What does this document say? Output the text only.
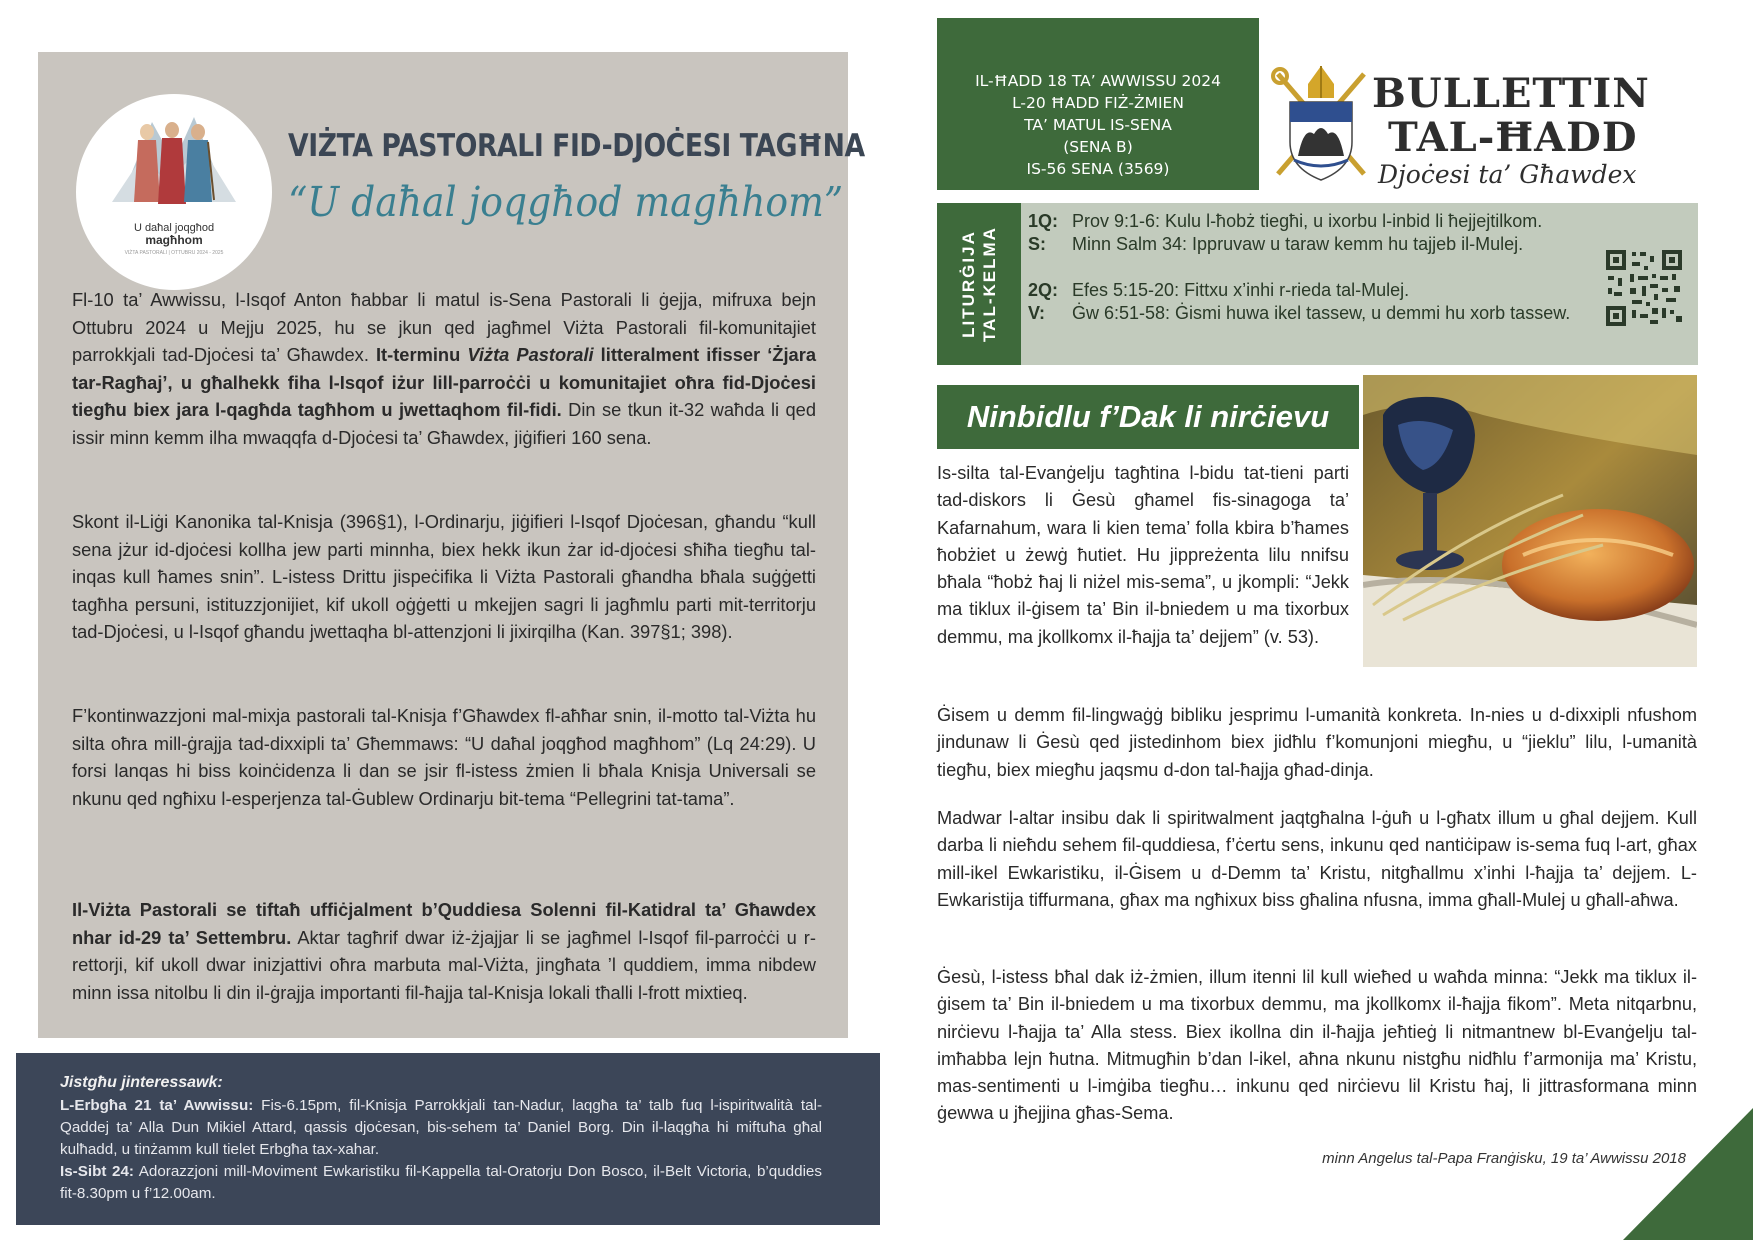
U daħal joqgħod
magħhom
VIŻTA PASTORALI | OTTUBRU 2024 - 2025
VIŻTA PASTORALI FID-DJOĊESI TAGĦNA
“U daħal joqgħod magħhom”
Fl-10 ta’ Awwissu, l-Isqof Anton ħabbar li matul is-Sena Pastorali li ġejja, mifruxa bejn Ottubru 2024 u Mejju 2025, hu se jkun qed jagħmel Viżta Pastorali fil-komunitajiet parrokkjali tad-Djoċesi ta’ Għawdex. It-terminu Viżta Pastorali litteralment ifisser ‘Żjara tar-Ragħaj’, u għalhekk fiha l-Isqof iżur lill-parroċċi u komunitajiet oħra fid-Djoċesi tiegħu biex jara l-qagħda tagħhom u jwettaqhom fil-fidi. Din se tkun it-32 waħda li qed issir minn kemm ilha mwaqqfa d-Djoċesi ta’ Għawdex, jiġifieri 160 sena.
Skont il-Liġi Kanonika tal-Knisja (396§1), l-Ordinarju, jiġifieri l-Isqof Djoċesan, għandu “kull sena jżur id-djoċesi kollha jew parti minnha, biex hekk ikun żar id-djoċesi sħiħa tiegħu tal-inqas kull ħames snin”. L-istess Drittu jispeċifika li Viżta Pastorali għandha bħala suġġetti tagħha persuni, istituzzjonijiet, kif ukoll oġġetti u mkejjen sagri li jagħmlu parti mit-territorju tad-Djoċesi, u l-Isqof għandu jwettaqha bl-attenzjoni li jixirqilha (Kan. 397§1; 398).
F’kontinwazzjoni mal-mixja pastorali tal-Knisja f’Għawdex fl-aħħar snin, il-motto tal-Viżta hu silta oħra mill-ġrajja tad-dixxipli ta’ Għemmaws: “U daħal joqgħod magħhom” (Lq 24:29). U forsi lanqas hi biss koinċidenza li dan se jsir fl-istess żmien li bħala Knisja Universali se nkunu qed ngħixu l-esperjenza tal-Ġublew Ordinarju bit-tema “Pellegrini tat-tama”.
Il-Viżta Pastorali se tiftaħ uffiċjalment b’Quddiesa Solenni fil-Katidral ta’ Għawdex nhar id-29 ta’ Settembru. Aktar tagħrif dwar iż-żjajjar li se jagħmel l-Isqof fil-parroċċi u r-rettorji, kif ukoll dwar inizjattivi oħra marbuta mal-Viżta, jingħata ’l quddiem, imma nibdew minn issa nitolbu li din il-ġrajja importanti fil-ħajja tal-Knisja lokali tħalli l-frott mixtieq.
Jistgħu jinteressawk:
L-Erbgħa 21 ta’ Awwissu: Fis-6.15pm, fil-Knisja Parrokkjali tan-Nadur, laqgħa ta’ talb fuq l-ispiritwalità tal-Qaddej ta’ Alla Dun Mikiel Attard, qassis djoċesan, bis-sehem ta’ Daniel Borg. Din il-laqgħa hi miftuħa għal kulħadd, u tinżamm kull tielet Erbgħa tax-xahar.
Is-Sibt 24: Adorazzjoni mill-Moviment Ewkaristiku fil-Kappella tal-Oratorju Don Bosco, il-Belt Victoria, b’quddies fit-8.30pm u f’12.00am.
IL-ĦADD 18 TA’ AWWISSU 2024
L-20 ĦADD FIŻ-ŻMIEN
TA’ MATUL IS-SENA
(SENA B)
IS-56 SENA (3569)
BULLETTIN
TAL-ĦADD
Djoċesi ta’ Għawdex
LITURĠIJA TAL-KELMA
1Q: Prov 9:1-6: Kulu l-ħobż tiegħi, u ixorbu l-inbid li ħejjejtilkom.
S: Minn Salm 34: Ippruvaw u taraw kemm hu tajjeb il-Mulej.
2Q: Efes 5:15-20: Fittxu x’inhi r-rieda tal-Mulej.
V: Ġw 6:51-58: Ġismi huwa ikel tassew, u demmi hu xorb tassew.
Ninbidlu f’Dak li nirċievu
Is-silta tal-Evanġelju tagħtina l-bidu tat-tieni parti tad-diskors li Ġesù għamel fis-sinagoga ta’ Kafarnahum, wara li kien tema’ folla kbira b’ħames ħobżiet u żewġ ħutiet. Hu jippreżenta lilu nnifsu bħala “ħobż ħaj li niżel mis-sema”, u jkompli: “Jekk ma tiklux il-ġisem ta’ Bin il-bniedem u ma tixorbux demmu, ma jkollkomx il-ħajja ta’ dejjem” (v. 53).
Ġisem u demm fil-lingwaġġ bibliku jesprimu l-umanità konkreta. In-nies u d-dixxipli nfushom jindunaw li Ġesù qed jistedinhom biex jidħlu f’komunjoni miegħu, u “jieklu” lilu, l-umanità tiegħu, biex miegħu jaqsmu d-don tal-ħajja għad-dinja.
Madwar l-altar insibu dak li spiritwalment jaqtgħalna l-ġuħ u l-għatx illum u għal dejjem. Kull darba li nieħdu sehem fil-quddiesa, f’ċertu sens, inkunu qed nantiċipaw is-sema fuq l-art, għax mill-ikel Ewkaristiku, il-Ġisem u d-Demm ta’ Kristu, nitgħallmu x’inhi l-ħajja ta’ dejjem. L-Ewkaristija tiffurmana, għax ma ngħixux biss għalina nfusna, imma għall-Mulej u għall-aħwa.
Ġesù, l-istess bħal dak iż-żmien, illum itenni lil kull wieħed u waħda minna: “Jekk ma tiklux il-ġisem ta’ Bin il-bniedem u ma tixorbux demmu, ma jkollkomx il-ħajja fikom”. Meta nitqarbnu, nirċievu l-ħajja ta’ Alla stess. Biex ikollna din il-ħajja jeħtieġ li nitmantnew bl-Evanġelju tal-imħabba lejn ħutna. Mitmugħin b’dan l-ikel, aħna nkunu nistgħu nidħlu f’armonija ma’ Kristu, mas-sentimenti u l-imġiba tiegħu… inkunu qed nirċievu lil Kristu ħaj, li jittrasformana minn ġewwa u jħejjina għas-Sema.
minn Angelus tal-Papa Franġisku, 19 ta’ Awwissu 2018
